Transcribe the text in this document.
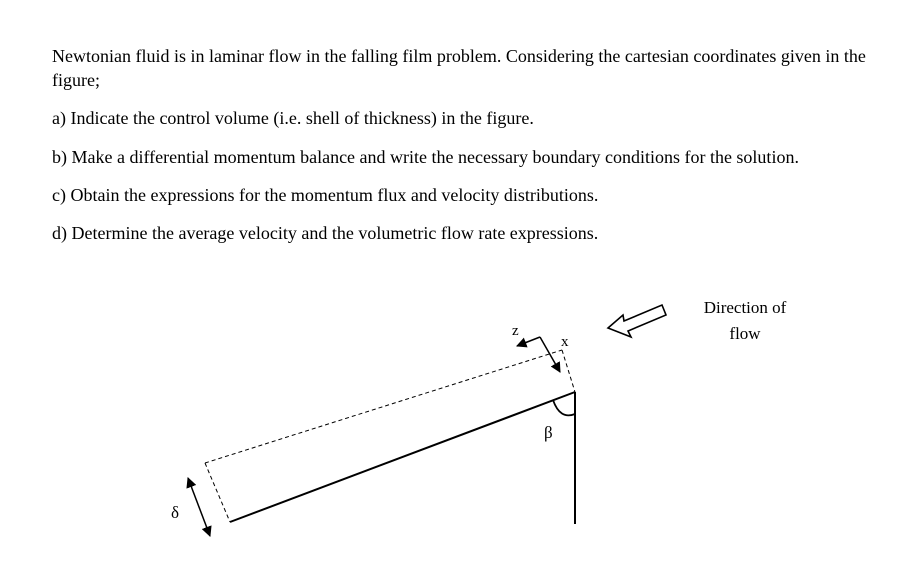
Newtonian fluid is in laminar flow in the falling film problem. Considering the cartesian coordinates given in the figure;

a) Indicate the control volume (i.e. shell of thickness) in the figure.

b) Make a differential momentum balance and write the necessary boundary conditions for the solution.

c) Obtain the expressions for the momentum flux and velocity distributions.

d) Determine the average velocity and the volumetric flow rate expressions.

Direction of
flow
z
x
β
δ
